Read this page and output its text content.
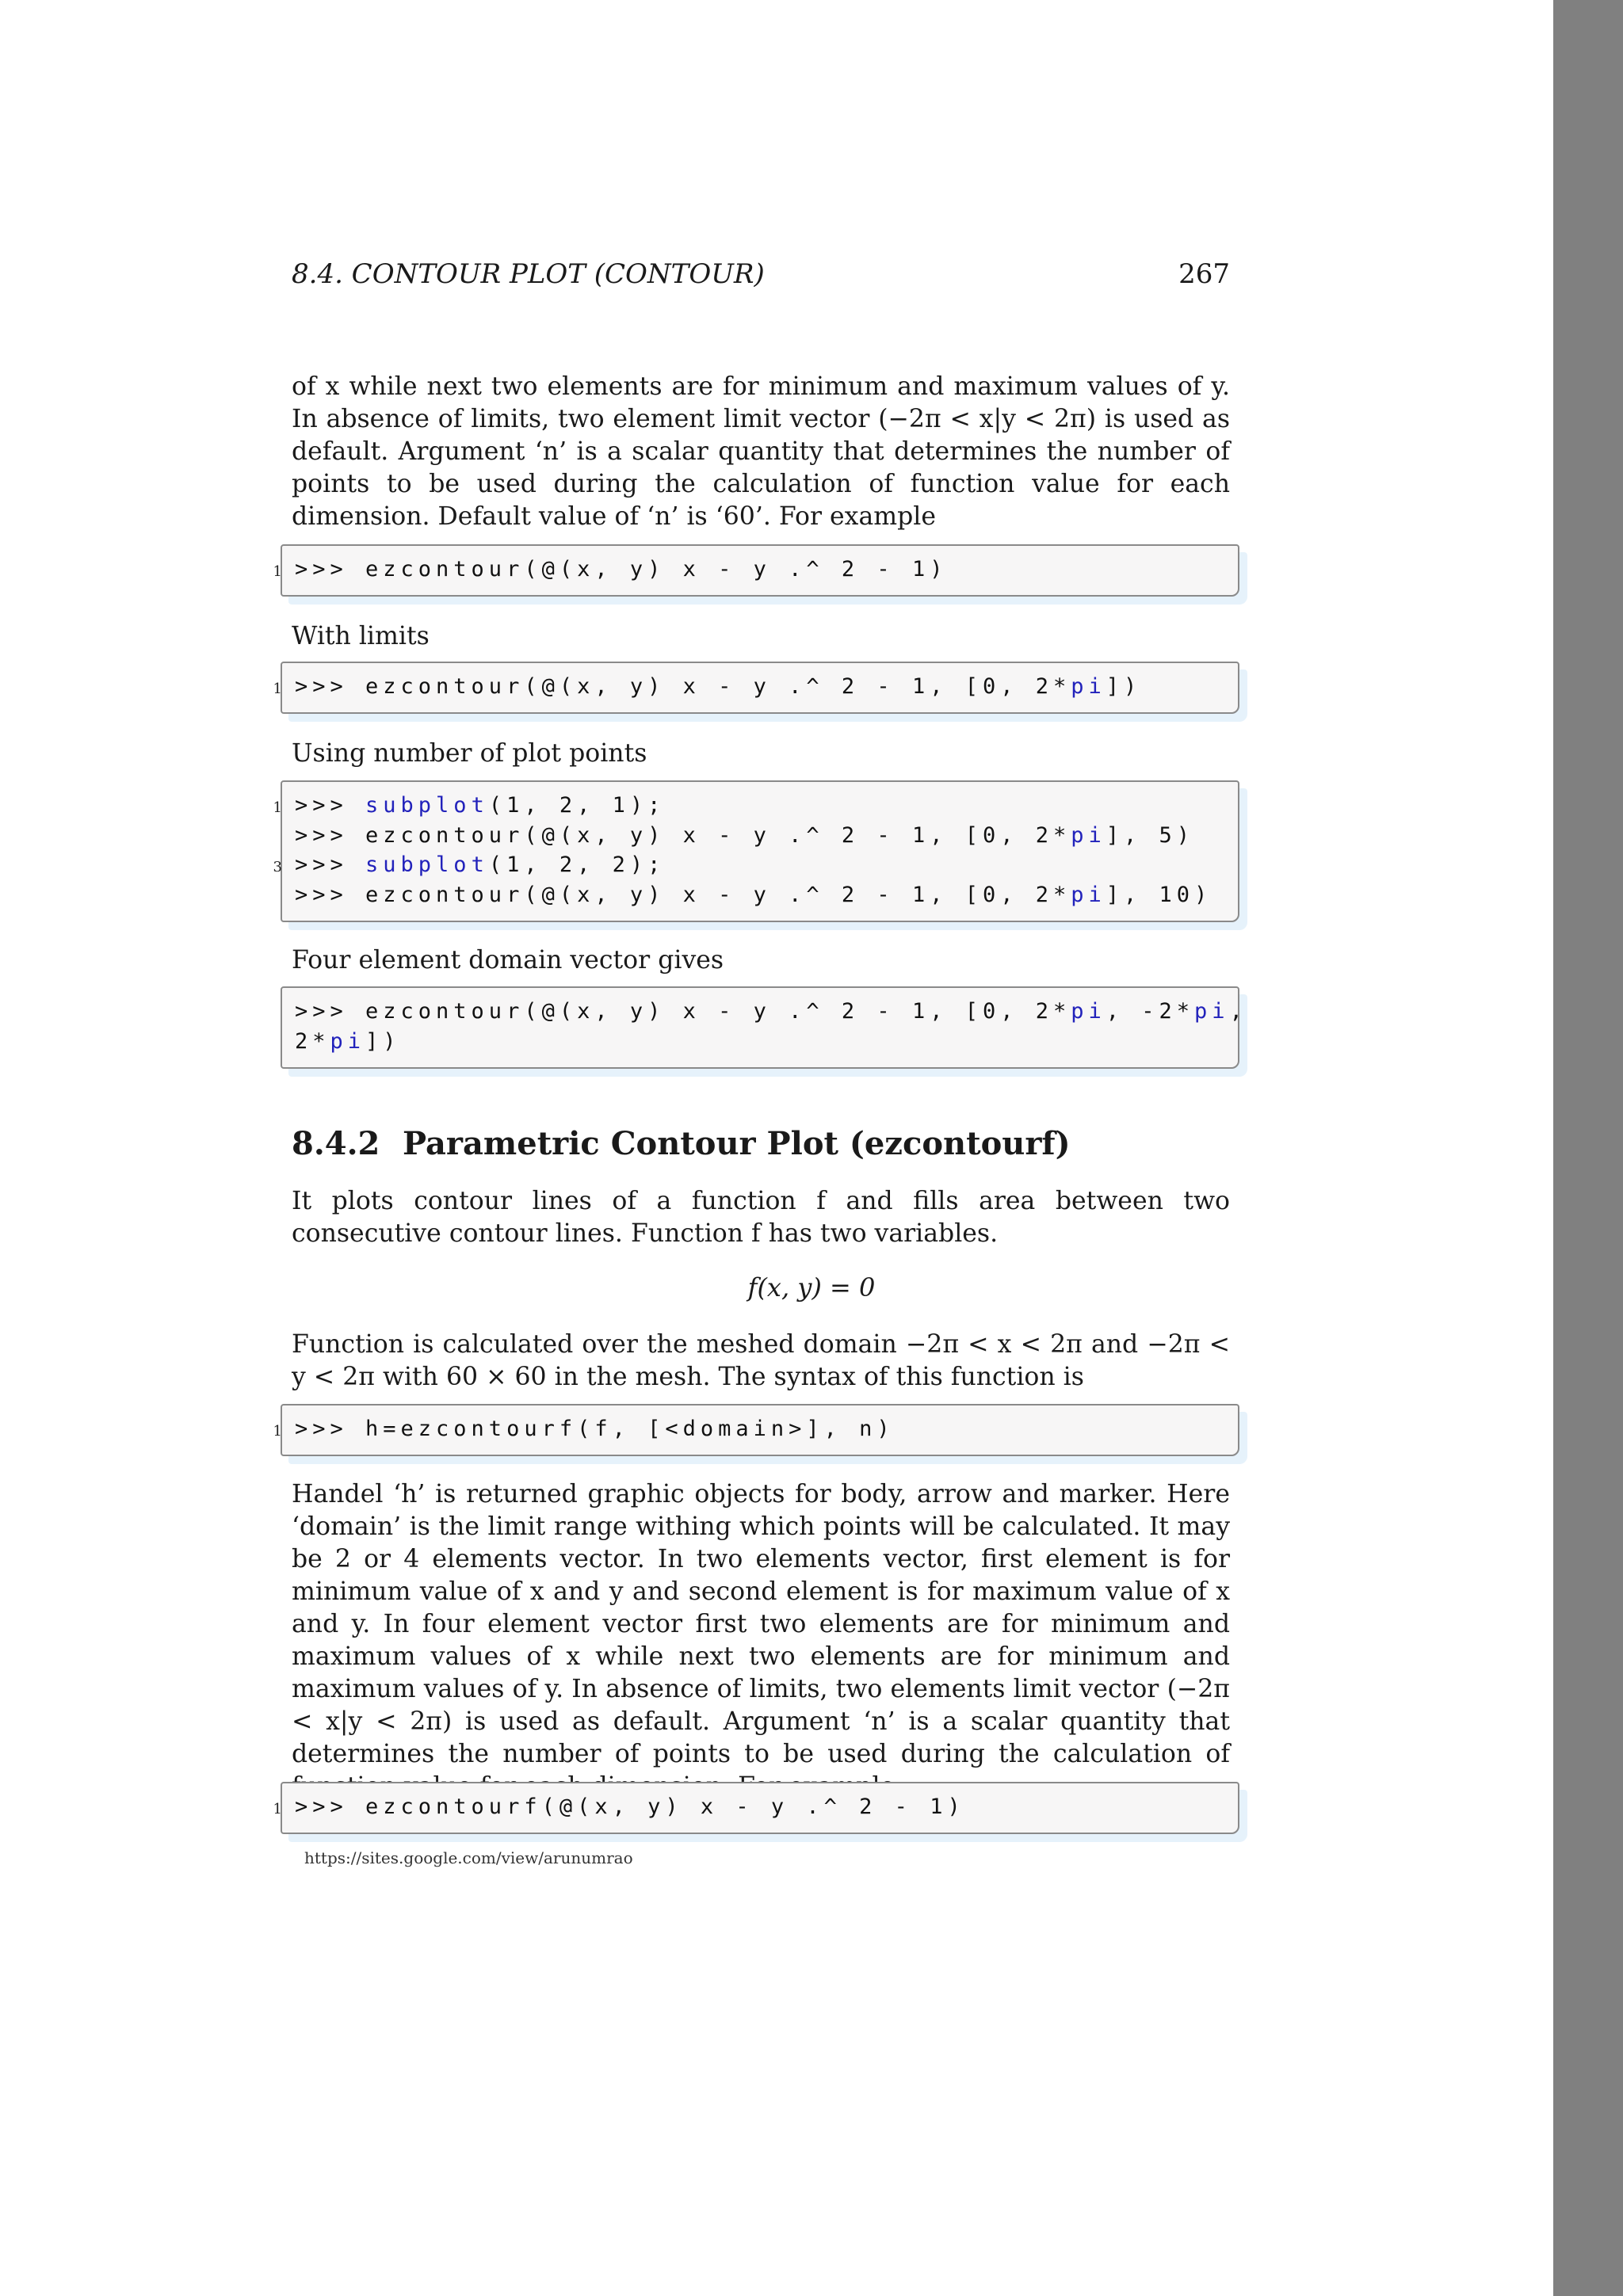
8.4. CONTOUR PLOT (CONTOUR)	267

of x while next two elements are for minimum and maximum values of y. In absence of limits, two element limit vector (−2π < x|y < 2π) is used as default. Argument ‘n’ is a scalar quantity that determines the number of points to be used during the calculation of function value for each dimension. Default value of ‘n’ is ‘60’. For example

1 >>> ezcontour(@(x, y) x - y .^ 2 - 1)

With limits

1 >>> ezcontour(@(x, y) x - y .^ 2 - 1, [0, 2*pi])

Using number of plot points

1 >>> subplot(1, 2, 1);
>>> ezcontour(@(x, y) x - y .^ 2 - 1, [0, 2*pi], 5)
3 >>> subplot(1, 2, 2);
>>> ezcontour(@(x, y) x - y .^ 2 - 1, [0, 2*pi], 10)

Four element domain vector gives

>>> ezcontour(@(x, y) x - y .^ 2 - 1, [0, 2*pi, -2*pi,
2*pi])
8.4.2 Parametric Contour Plot (ezcontourf)

It plots contour lines of a function f and fills area between two consecutive contour lines. Function f has two variables.

f(x, y) = 0

Function is calculated over the meshed domain −2π < x < 2π and −2π < y < 2π with 60 × 60 in the mesh. The syntax of this function is

1 >>> h=ezcontourf(f, [<domain>], n)

Handel ‘h’ is returned graphic objects for body, arrow and marker. Here ‘domain’ is the limit range withing which points will be calculated. It may be 2 or 4 elements vector. In two elements vector, first element is for minimum value of x and y and second element is for maximum value of x and y. In four element vector first two elements are for minimum and maximum values of x while next two elements are for minimum and maximum values of y. In absence of limits, two elements limit vector (−2π < x|y < 2π) is used as default. Argument ‘n’ is a scalar quantity that determines the number of points to be used during the calculation of

1 >>> ezcontourf(@(x, y) x - y .^ 2 - 1)
https://sites.google.com/view/arunumrao
